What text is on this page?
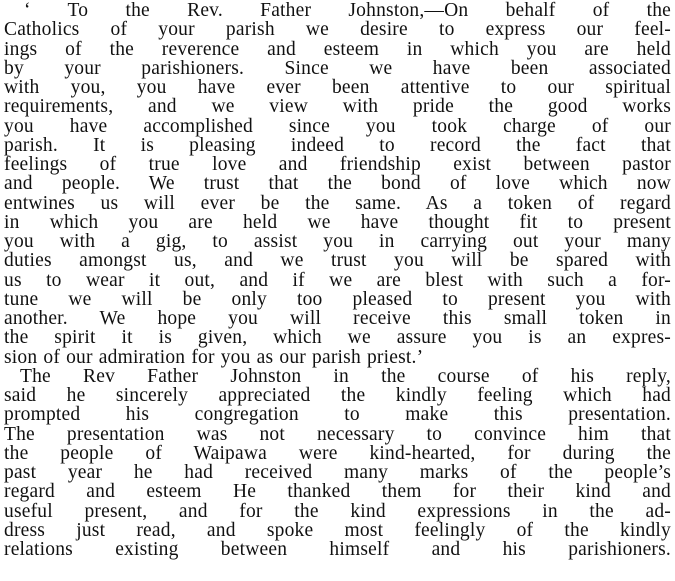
‘ To the Rev. Father Johnston,—On behalf of the
Catholics of your parish we desire to express our feel-
ings of the reverence and esteem in which you are held
by your parishioners. Since we have been associated
with you, you have ever been attentive to our spiritual
requirements, and we view with pride the good works
you have accomplished since you took charge of our
parish. It is pleasing indeed to record the fact that
feelings of true love and friendship exist between pastor
and people. We trust that the bond of love which now
entwines us will ever be the same. As a token of regard
in which you are held we have thought fit to present
you with a gig, to assist you in carrying out your many
duties amongst us, and we trust you will be spared with
us to wear it out, and if we are blest with such a for-
tune we will be only too pleased to present you with
another. We hope you will receive this small token in
the spirit it is given, which we assure you is an expres-
sion of our admiration for you as our parish priest.’
The Rev Father Johnston in the course of his reply,
said he sincerely appreciated the kindly feeling which had
prompted his congregation to make this presentation.
The presentation was not necessary to convince him that
the people of Waipawa were kind-hearted, for during the
past year he had received many marks of the people’s
regard and esteem He thanked them for their kind and
useful present, and for the kind expressions in the ad-
dress just read, and spoke most feelingly of the kindly
relations existing between himself and his parishioners.
